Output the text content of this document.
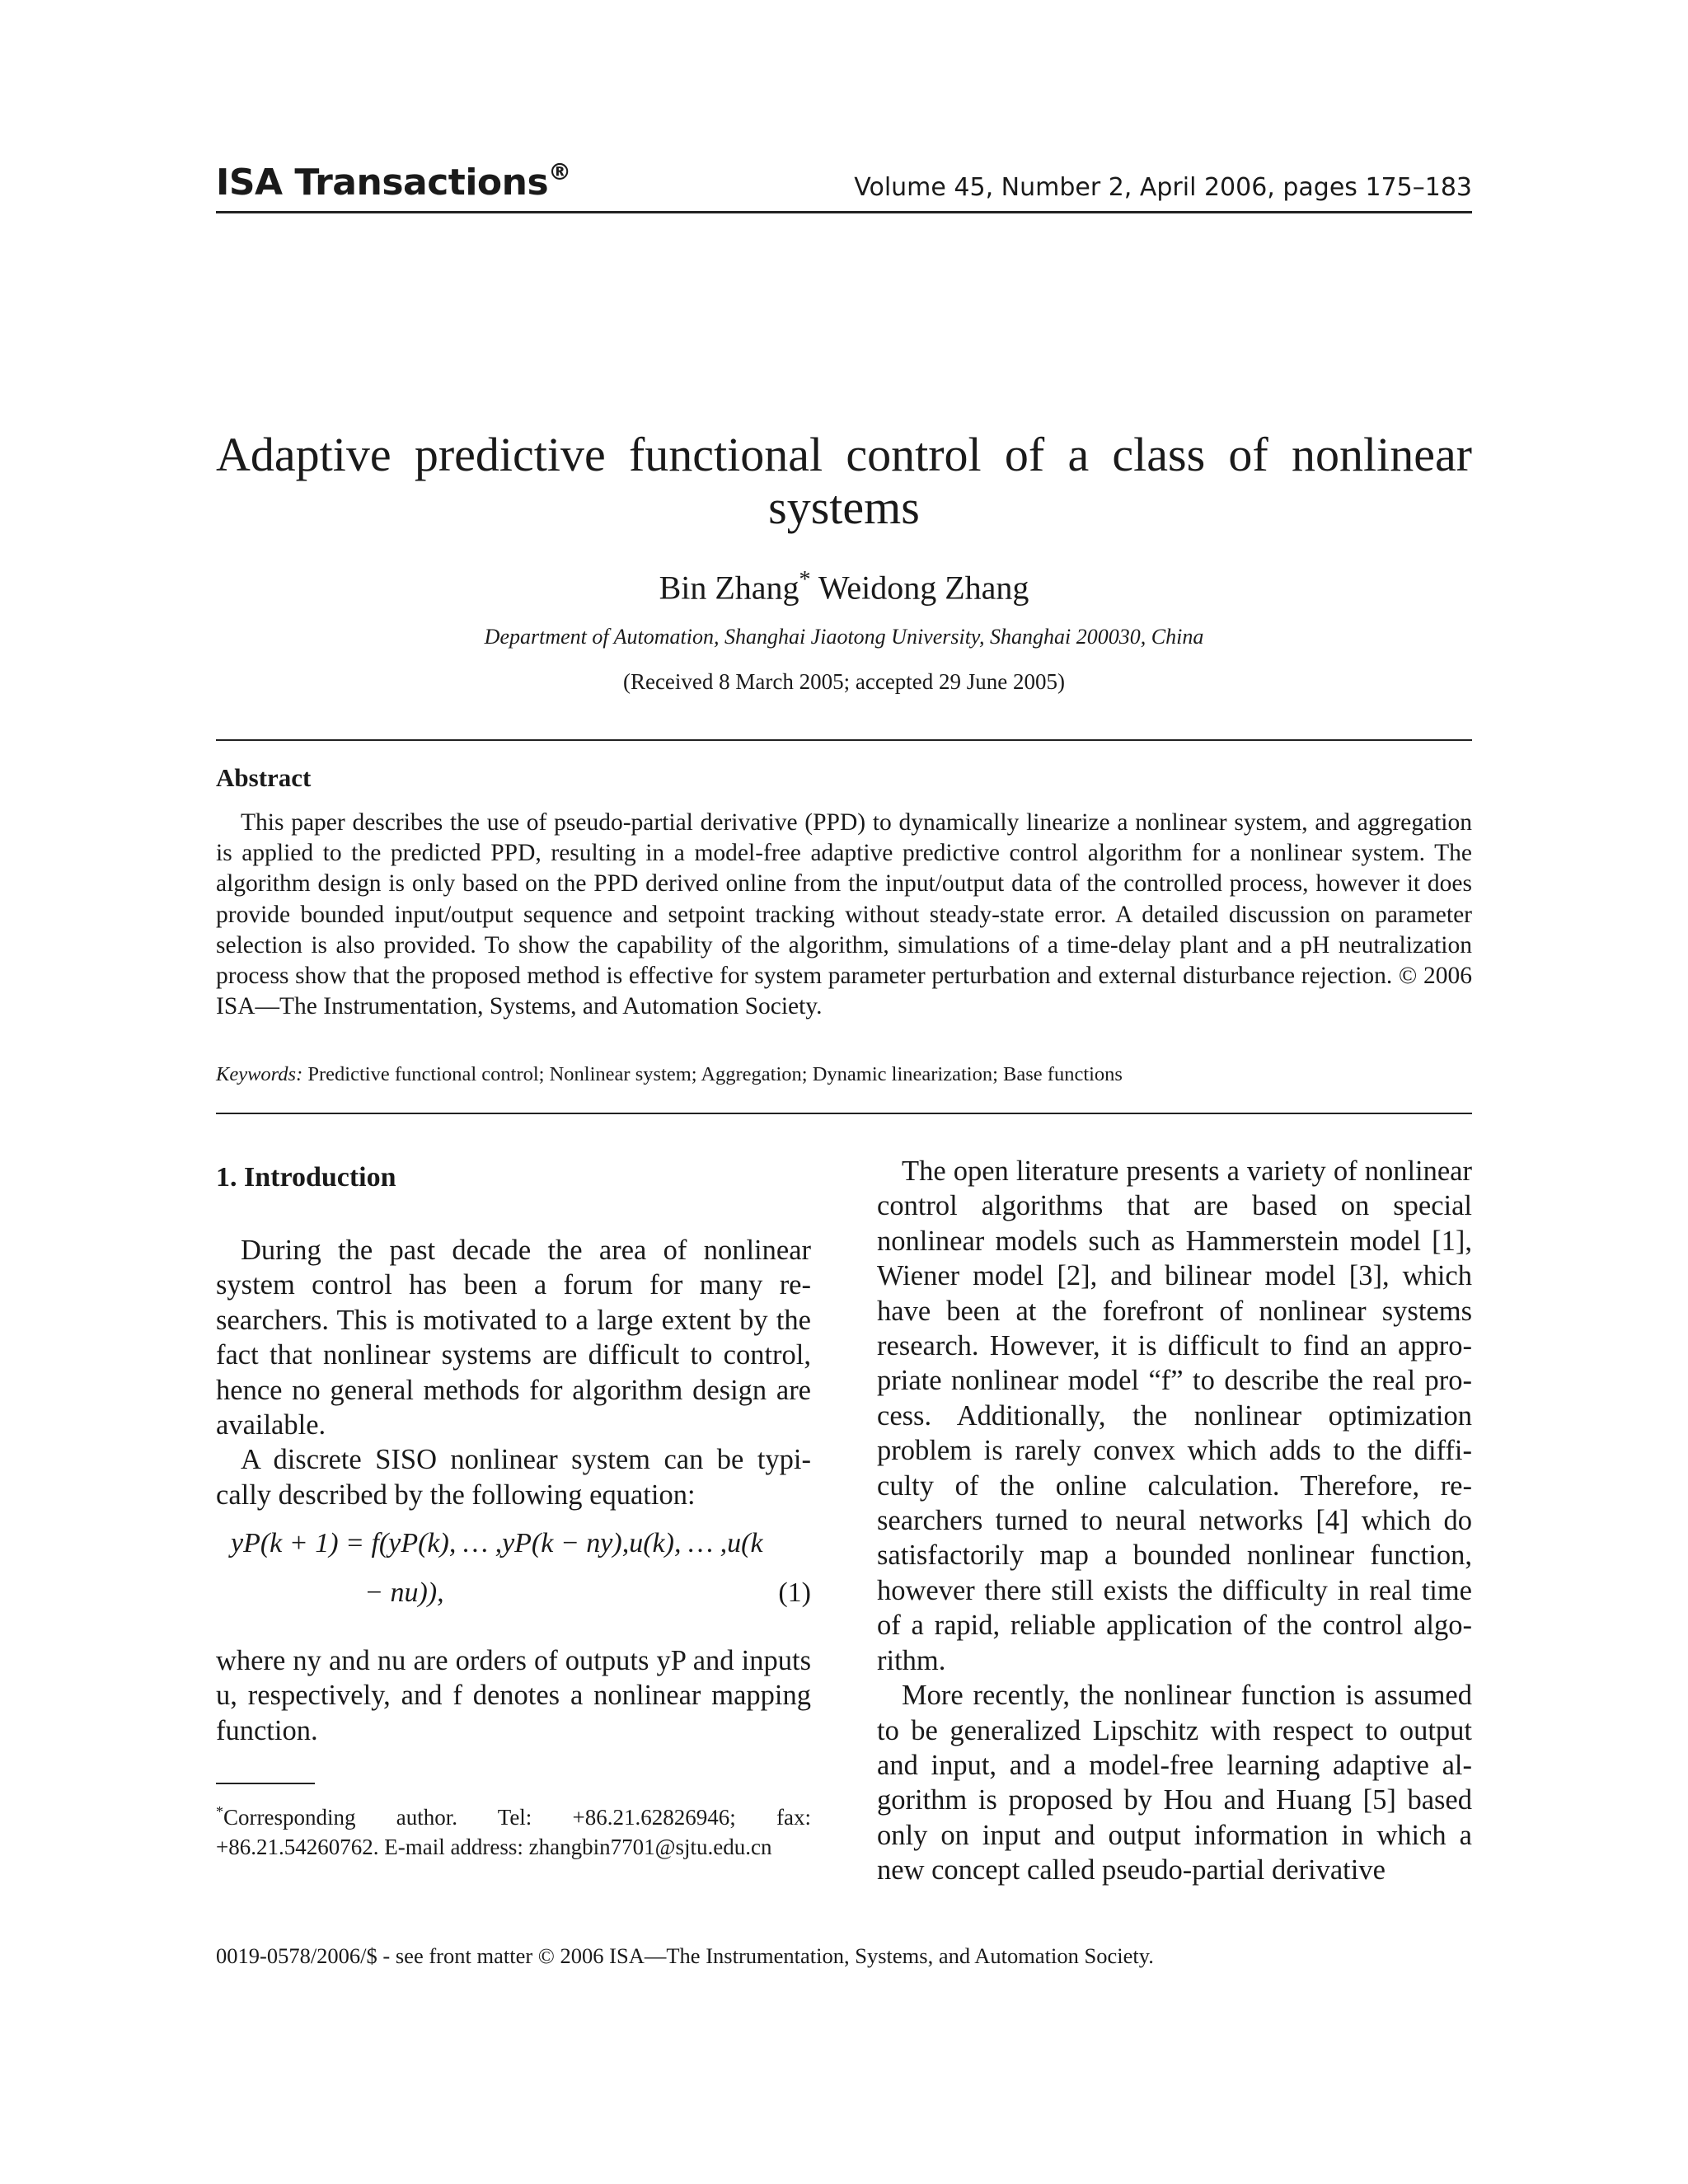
ISA Transactions®
Volume 45, Number 2, April 2006, pages 175–183
Adaptive predictive functional control of a class of nonlinear systems
Bin Zhang* Weidong Zhang
Department of Automation, Shanghai Jiaotong University, Shanghai 200030, China
(Received 8 March 2005; accepted 29 June 2005)
Abstract
This paper describes the use of pseudo-partial derivative (PPD) to dynamically linearize a nonlinear system, and aggregation is applied to the predicted PPD, resulting in a model-free adaptive predictive control algorithm for a nonlinear system. The algorithm design is only based on the PPD derived online from the input/output data of the controlled process, however it does provide bounded input/output sequence and setpoint tracking without steady-state error. A detailed discussion on parameter selection is also provided. To show the capability of the algorithm, simulations of a time-delay plant and a pH neutralization process show that the proposed method is effective for system parameter perturbation and external disturbance rejection. © 2006 ISA—The Instrumentation, Systems, and Automation Society.
Keywords: Predictive functional control; Nonlinear system; Aggregation; Dynamic linearization; Base functions
1. Introduction

During the past decade the area of nonlinear system control has been a forum for many researchers. This is motivated to a large extent by the fact that nonlinear systems are difficult to control, hence no general methods for algorithm design are available.

A discrete SISO nonlinear system can be typically described by the following equation:

yP(k + 1) = f(yP(k), … ,yP(k − ny),u(k), … ,u(k
− nu)),	(1)

where ny and nu are orders of outputs yP and inputs u, respectively, and f denotes a nonlinear mapping function.

*Corresponding author. Tel: +86.21.62826946; fax: +86.21.54260762. E-mail address: zhangbin7701@sjtu.edu.cn

The open literature presents a variety of nonlinear control algorithms that are based on special nonlinear models such as Hammerstein model [1], Wiener model [2], and bilinear model [3], which have been at the forefront of nonlinear systems research. However, it is difficult to find an appropriate nonlinear model “f” to describe the real process. Additionally, the nonlinear optimization problem is rarely convex which adds to the difficulty of the online calculation. Therefore, researchers turned to neural networks [4] which do satisfactorily map a bounded nonlinear function, however there still exists the difficulty in real time of a rapid, reliable application of the control algorithm.

More recently, the nonlinear function is assumed to be generalized Lipschitz with respect to output and input, and a model-free learning adaptive algorithm is proposed by Hou and Huang [5] based only on input and output information in which a new concept called pseudo-partial derivative

0019-0578/2006/$ - see front matter © 2006 ISA—The Instrumentation, Systems, and Automation Society.
